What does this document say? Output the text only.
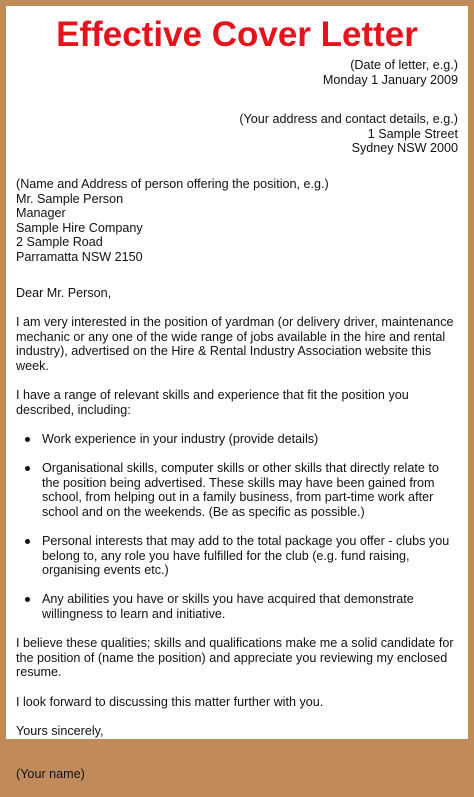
Effective Cover Letter
(Date of letter, e.g.)
Monday 1 January 2009
(Your address and contact details, e.g.)
1 Sample Street
Sydney NSW 2000
(Name and Address of person offering the position, e.g.)
Mr. Sample Person
Manager
Sample Hire Company
2 Sample Road
Parramatta NSW 2150

Dear Mr. Person,

I am very interested in the position of yardman (or delivery driver, maintenance mechanic or any one of the wide range of jobs available in the hire and rental industry), advertised on the Hire & Rental Industry Association website this week.

I have a range of relevant skills and experience that fit the position you described, including:

Work experience in your industry (provide details)
Organisational skills, computer skills or other skills that directly relate to the position being advertised. These skills may have been gained from school, from helping out in a family business, from part-time work after school and on the weekends. (Be as specific as possible.)
Personal interests that may add to the total package you offer - clubs you belong to, any role you have fulfilled for the club (e.g. fund raising, organising events etc.)
Any abilities you have or skills you have acquired that demonstrate willingness to learn and initiative.

I believe these qualities; skills and qualifications make me a solid candidate for the position of (name the position) and appreciate you reviewing my enclosed resume.

I look forward to discussing this matter further with you.

Yours sincerely,

(Your name)
